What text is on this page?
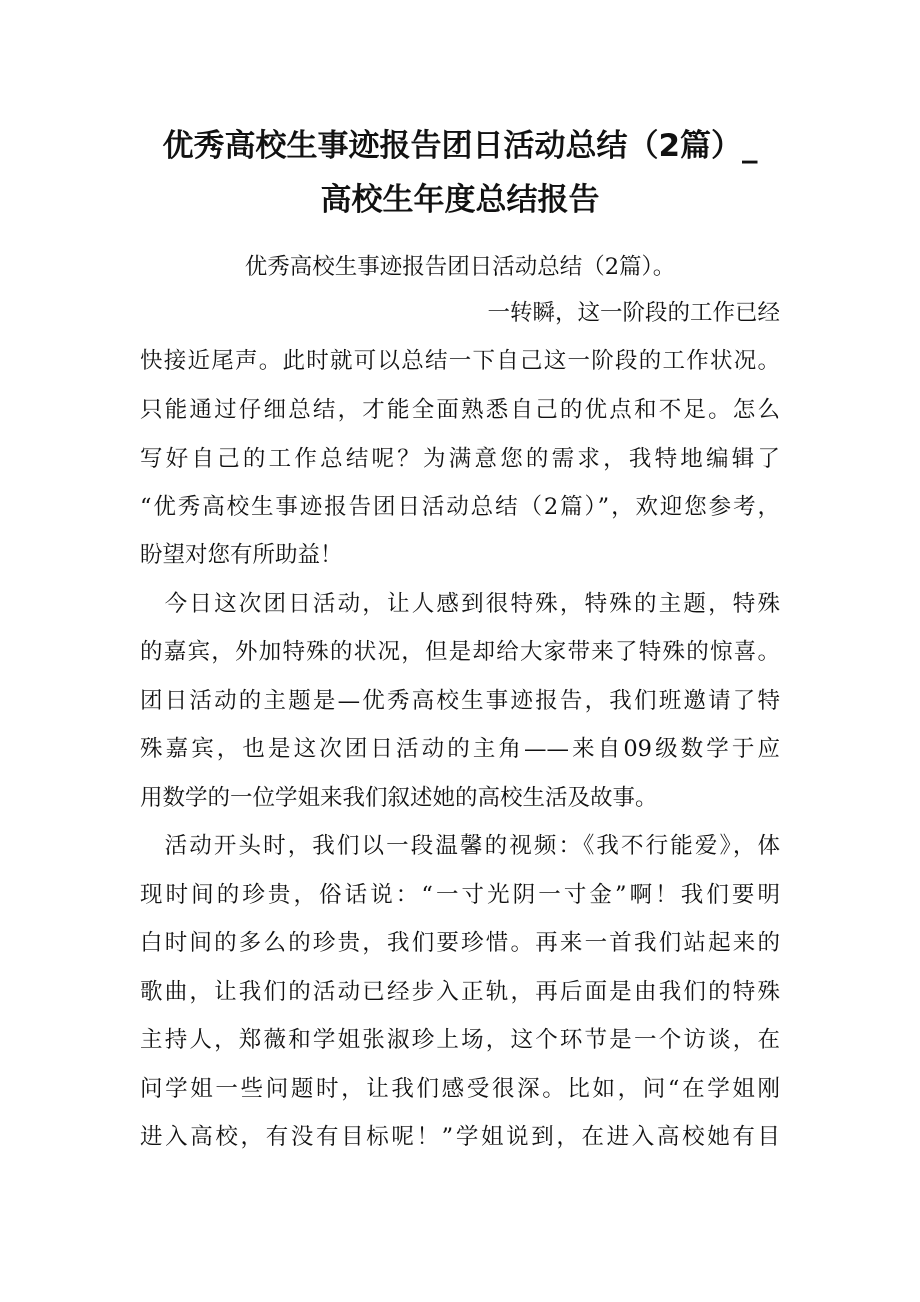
优秀高校生事迹报告团日活动总结（2篇）_
高校生年度总结报告
优秀高校生事迹报告团日活动总结（2篇）。
一转瞬，这一阶段的工作已经
快接近尾声。此时就可以总结一下自己这一阶段的工作状况。
只能通过仔细总结，才能全面熟悉自己的优点和不足。怎么
写好自己的工作总结呢？为满意您的需求，我特地编辑了
“优秀高校生事迹报告团日活动总结（2篇）”，欢迎您参考，
盼望对您有所助益！
　今日这次团日活动，让人感到很特殊，特殊的主题，特殊
的嘉宾，外加特殊的状况，但是却给大家带来了特殊的惊喜。
团日活动的主题是—优秀高校生事迹报告，我们班邀请了特
殊嘉宾，也是这次团日活动的主角——来自09级数学于应
用数学的一位学姐来我们叙述她的高校生活及故事。
　活动开头时，我们以一段温馨的视频：《我不行能爱》，体
现时间的珍贵，俗话说：“一寸光阴一寸金”啊！我们要明
白时间的多么的珍贵，我们要珍惜。再来一首我们站起来的
歌曲，让我们的活动已经步入正轨，再后面是由我们的特殊
主持人，郑薇和学姐张淑珍上场，这个环节是一个访谈，在
问学姐一些问题时，让我们感受很深。比如，问“在学姐刚
进入高校，有没有目标呢！”学姐说到，在进入高校她有目
